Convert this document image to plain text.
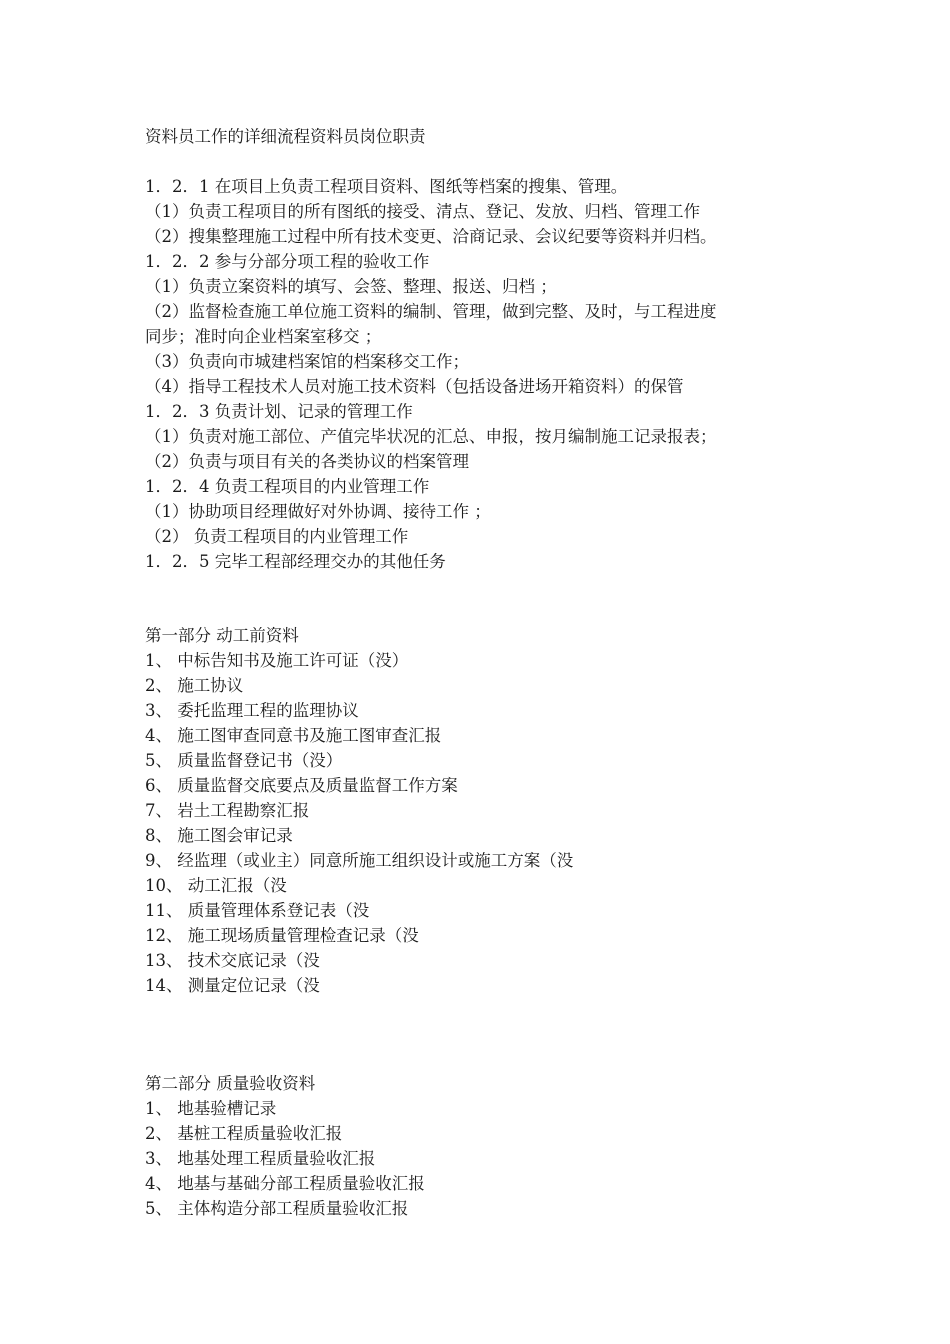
资料员工作的详细流程资料员岗位职责
1．2．1 在项目上负责工程项目资料、图纸等档案的搜集、管理。
（1）负责工程项目的所有图纸的接受、清点、登记、发放、归档、管理工作
（2）搜集整理施工过程中所有技术变更、洽商记录、会议纪要等资料并归档。
1．2．2 参与分部分项工程的验收工作
（1）负责立案资料的填写、会签、整理、报送、归档 ；
（2）监督检查施工单位施工资料的编制、管理，做到完整、及时，与工程进度
同步；准时向企业档案室移交 ；
（3）负责向市城建档案馆的档案移交工作；
（4）指导工程技术人员对施工技术资料（包括设备进场开箱资料）的保管
1．2．3 负责计划、记录的管理工作
（1）负责对施工部位、产值完毕状况的汇总、申报，按月编制施工记录报表；
（2）负责与项目有关的各类协议的档案管理
1．2．4 负责工程项目的内业管理工作
（1）协助项目经理做好对外协调、接待工作 ；
（2） 负责工程项目的内业管理工作
1．2．5 完毕工程部经理交办的其他任务
第一部分 动工前资料
1、 中标告知书及施工许可证（没）
2、 施工协议
3、 委托监理工程的监理协议
4、 施工图审查同意书及施工图审查汇报
5、 质量监督登记书（没）
6、 质量监督交底要点及质量监督工作方案
7、 岩土工程勘察汇报
8、 施工图会审记录
9、 经监理（或业主）同意所施工组织设计或施工方案（没
10、 动工汇报（没
11、 质量管理体系登记表（没
12、 施工现场质量管理检查记录（没
13、 技术交底记录（没
14、 测量定位记录（没
第二部分 质量验收资料
1、 地基验槽记录
2、 基桩工程质量验收汇报
3、 地基处理工程质量验收汇报
4、 地基与基础分部工程质量验收汇报
5、 主体构造分部工程质量验收汇报
